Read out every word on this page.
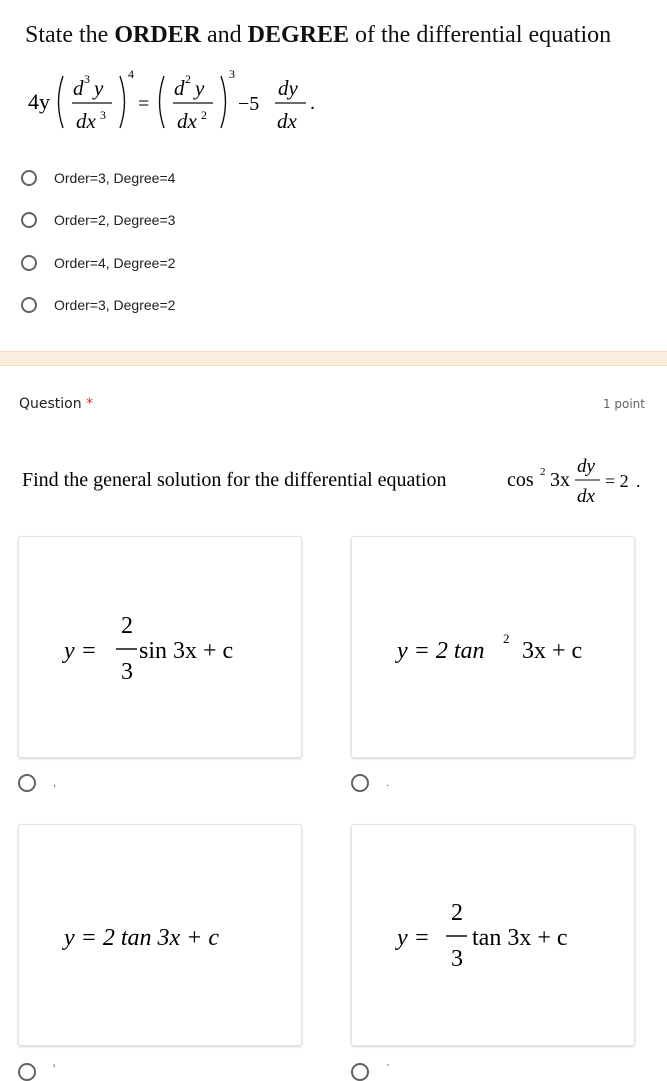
State the ORDER and DEGREE of the differential equation
4y
d 3 y
dx 3
4
=
d 2 y
dx 2
3
−5
dy
dx
.
Order=3, Degree=4
Order=2, Degree=3
Order=4, Degree=2
Order=3, Degree=2
Question *	1 point
Find the general solution for the differential equation	cos 2 3x
dy
dx
= 2 .
y =
2
3
sin 3x + c
,
y = 2 tan 2 3x + c
.
y = 2 tan 3x + c
'
y =
2
3
tan 3x + c
`
